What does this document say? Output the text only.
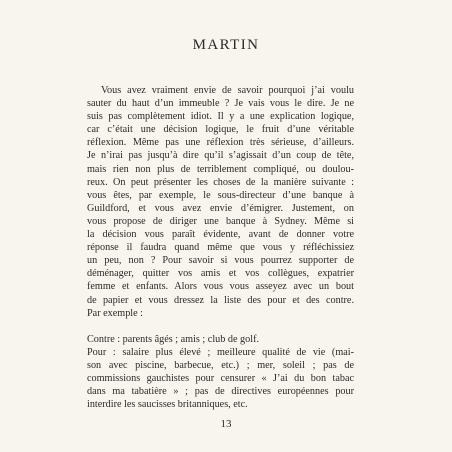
MARTIN
Vous avez vraiment envie de savoir pourquoi j’ai voulu
sauter du haut d’un immeuble ? Je vais vous le dire. Je ne
suis pas complètement idiot. Il y a une explication logique,
car c’était une décision logique, le fruit d’une véritable
réflexion. Même pas une réflexion très sérieuse, d’ailleurs.
Je n’irai pas jusqu’à dire qu’il s’agissait d’un coup de tête,
mais rien non plus de terriblement compliqué, ou doulou-
reux. On peut présenter les choses de la manière suivante :
vous êtes, par exemple, le sous-directeur d’une banque à
Guildford, et vous avez envie d’émigrer. Justement, on
vous propose de diriger une banque à Sydney. Même si
la décision vous paraît évidente, avant de donner votre
réponse il faudra quand même que vous y réfléchissiez
un peu, non ? Pour savoir si vous pourrez supporter de
déménager, quitter vos amis et vos collègues, expatrier
femme et enfants. Alors vous vous asseyez avec un bout
de papier et vous dressez la liste des pour et des contre.
Par exemple :
Contre : parents âgés ; amis ; club de golf.
Pour : salaire plus élevé ; meilleure qualité de vie (mai-
son avec piscine, barbecue, etc.) ; mer, soleil ; pas de
commissions gauchistes pour censurer « J’ai du bon tabac
dans ma tabatière » ; pas de directives européennes pour
interdire les saucisses britanniques, etc.
13
